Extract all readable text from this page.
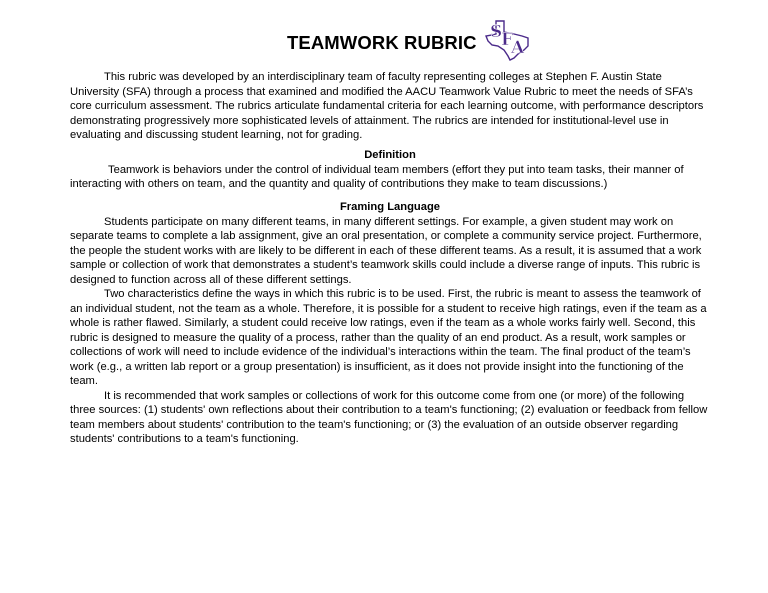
TEAMWORK RUBRIC S
F
A

This rubric was developed by an interdisciplinary team of faculty representing colleges at Stephen F. Austin State University (SFA) through a process that examined and modified the AACU Teamwork Value Rubric to meet the needs of SFA’s core curriculum assessment. The rubrics articulate fundamental criteria for each learning outcome, with performance descriptors demonstrating progressively more sophisticated levels of attainment. The rubrics are intended for institutional-level use in evaluating and discussing student learning, not for grading.

Definition

Teamwork is behaviors under the control of individual team members (effort they put into team tasks, their manner of interacting with others on team, and the quantity and quality of contributions they make to team discussions.)

Framing Language

Students participate on many different teams, in many different settings. For example, a given student may work on separate teams to complete a lab assignment, give an oral presentation, or complete a community service project. Furthermore, the people the student works with are likely to be different in each of these different teams. As a result, it is assumed that a work sample or collection of work that demonstrates a student’s teamwork skills could include a diverse range of inputs. This rubric is designed to function across all of these different settings.

Two characteristics define the ways in which this rubric is to be used. First, the rubric is meant to assess the teamwork of an individual student, not the team as a whole. Therefore, it is possible for a student to receive high ratings, even if the team as a whole is rather flawed. Similarly, a student could receive low ratings, even if the team as a whole works fairly well. Second, this rubric is designed to measure the quality of a process, rather than the quality of an end product. As a result, work samples or collections of work will need to include evidence of the individual’s interactions within the team. The final product of the team’s work (e.g., a written lab report or a group presentation) is insufficient, as it does not provide insight into the functioning of the team.

It is recommended that work samples or collections of work for this outcome come from one (or more) of the following three sources: (1) students' own reflections about their contribution to a team's functioning; (2) evaluation or feedback from fellow team members about students' contribution to the team's functioning; or (3) the evaluation of an outside observer regarding students' contributions to a team's functioning.
